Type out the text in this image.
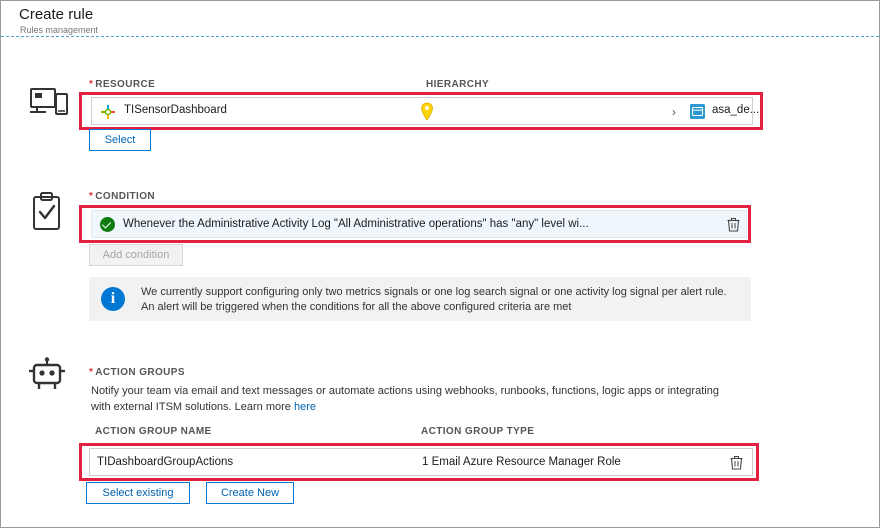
Create rule
Rules management
* RESOURCE	HIERARCHY
TISensorDashboard	›	asa_de...
Select
* CONDITION
Whenever the Administrative Activity Log "All Administrative operations" has "any" level wi...
Add condition
i	We currently support configuring only two metrics signals or one log search signal or one activity log signal per alert rule. An alert will be triggered when the conditions for all the above configured criteria are met
* ACTION GROUPS
Notify your team via email and text messages or automate actions using webhooks, runbooks, functions, logic apps or integrating with external ITSM solutions. Learn more here
ACTION GROUP NAME	ACTION GROUP TYPE
TIDashboardGroupActions	1 Email Azure Resource Manager Role
Select existing	Create New
